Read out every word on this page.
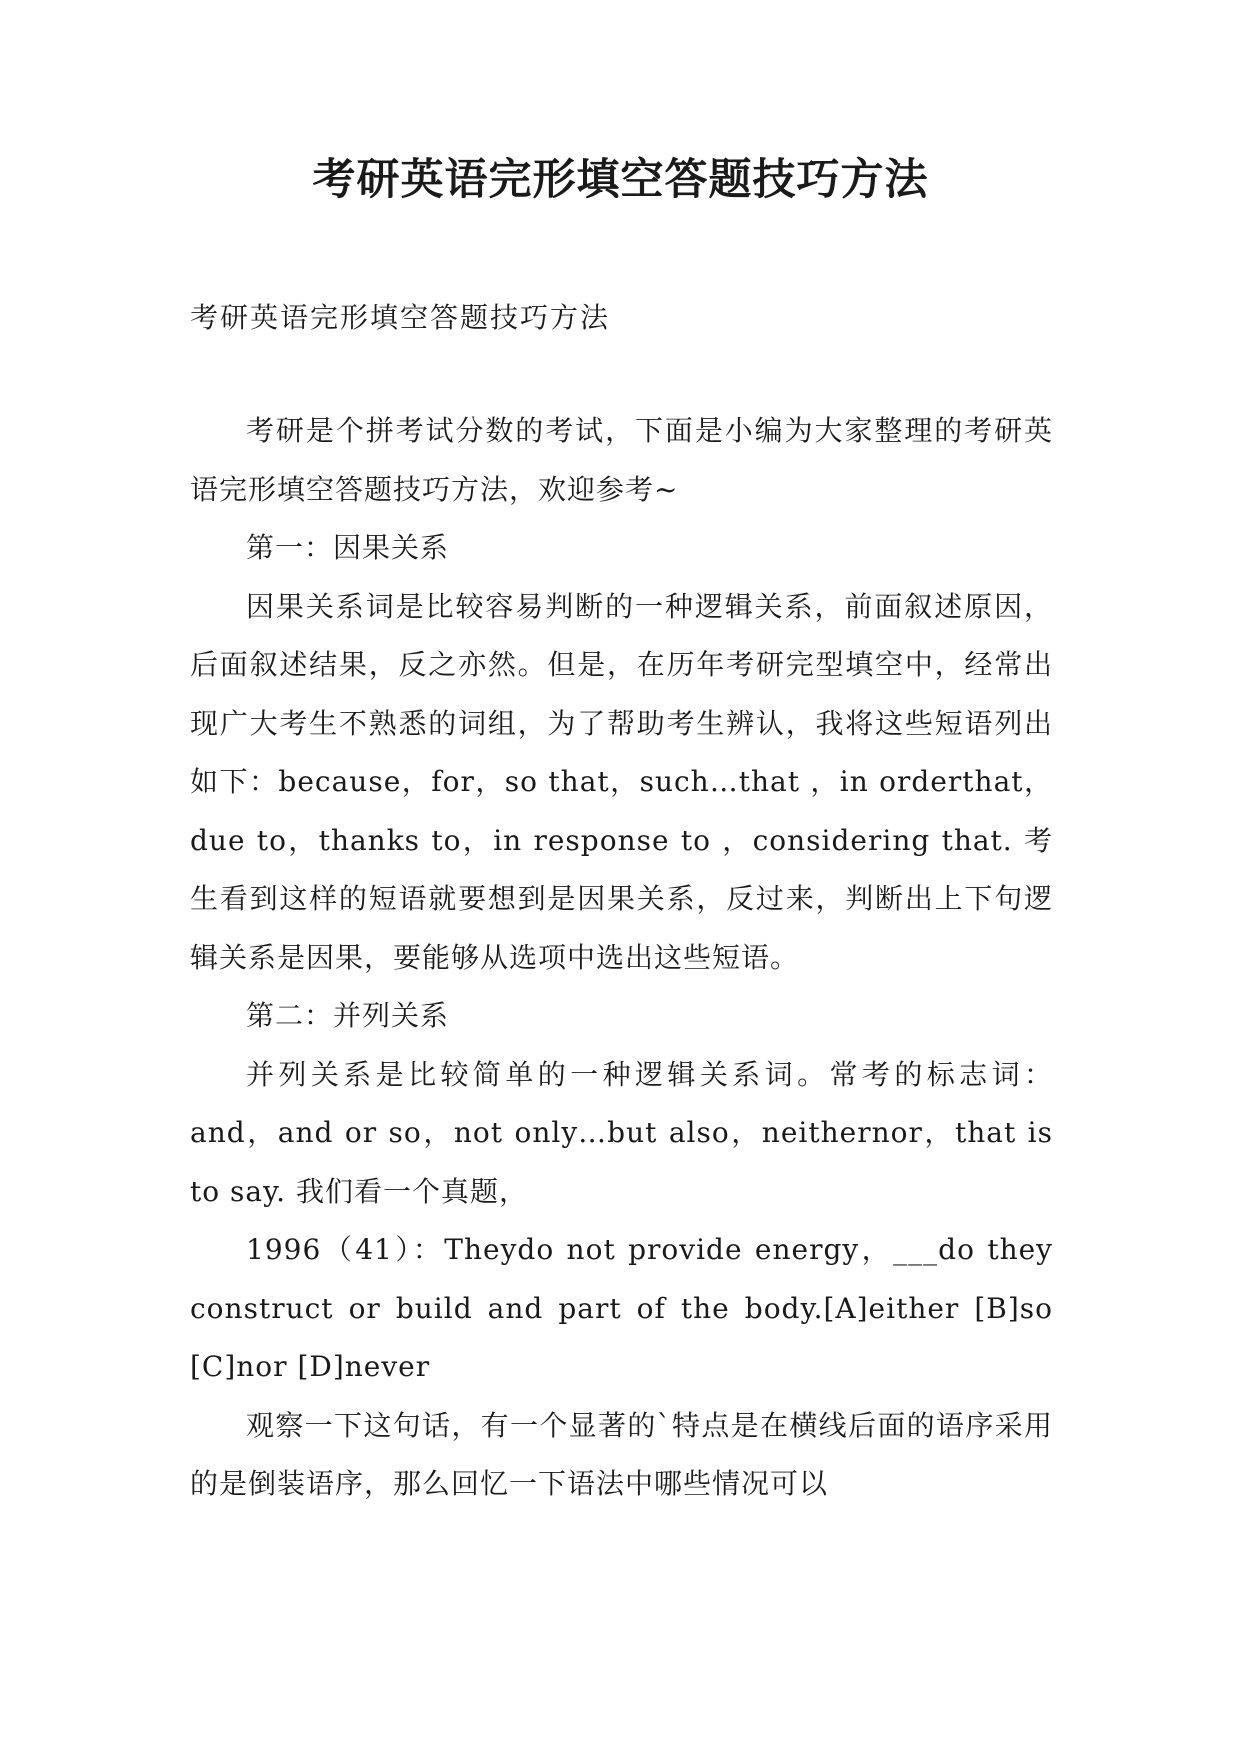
考研英语完形填空答题技巧方法

考研英语完形填空答题技巧方法

考研是个拼考试分数的考试，下面是小编为大家整理的考研英语完形填空答题技巧方法，欢迎参考~

第一：因果关系

因果关系词是比较容易判断的一种逻辑关系，前面叙述原因，后面叙述结果，反之亦然。但是，在历年考研完型填空中，经常出现广大考生不熟悉的词组，为了帮助考生辨认，我将这些短语列出如下：because，for，so that，such…that ，in orderthat，due to，thanks to，in response to ，considering that. 考生看到这样的短语就要想到是因果关系，反过来，判断出上下句逻辑关系是因果，要能够从选项中选出这些短语。

第二：并列关系

并列关系是比较简单的一种逻辑关系词。常考的标志词：and，and or so，not only…but also，neithernor，that is to say. 我们看一个真题，

1996（41）：Theydo not provide energy，___do they construct or build and part of the body.[A]either [B]so [C]nor [D]never

观察一下这句话，有一个显著的`特点是在横线后面的语序采用的是倒装语序，那么回忆一下语法中哪些情况可以
